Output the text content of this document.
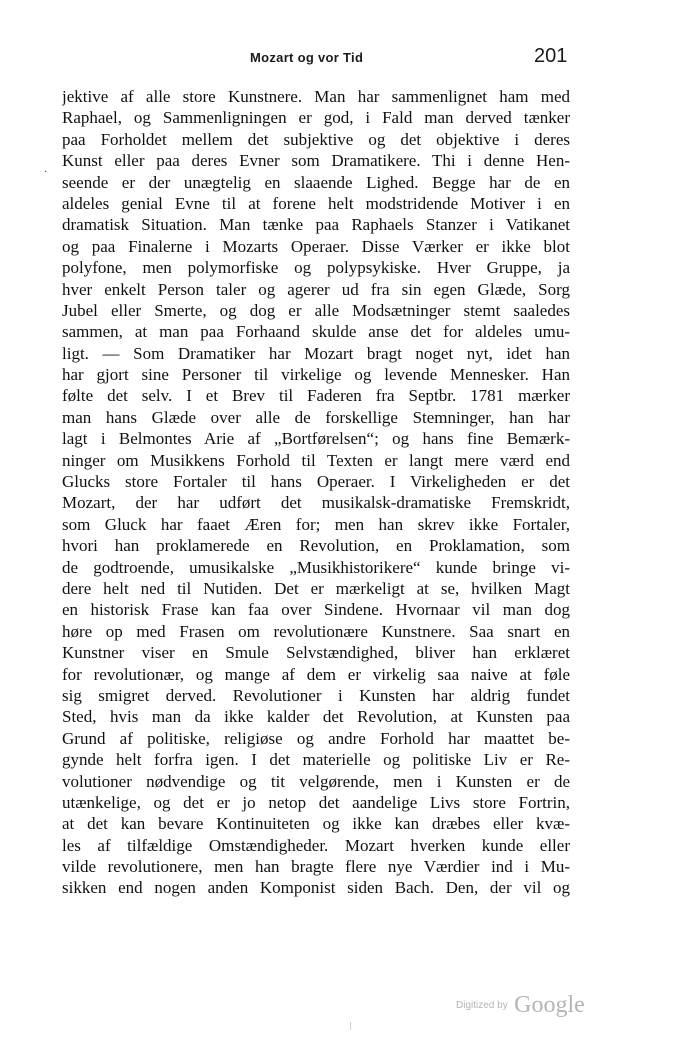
Mozart og vor Tid	201
·
jektive af alle store Kunstnere. Man har sammenlignet ham med
Raphael, og Sammenligningen er god, i Fald man derved tænker
paa Forholdet mellem det subjektive og det objektive i deres
Kunst eller paa deres Evner som Dramatikere. Thi i denne Hen-
seende er der unægtelig en slaaende Lighed. Begge har de en
aldeles genial Evne til at forene helt modstridende Motiver i en
dramatisk Situation. Man tænke paa Raphaels Stanzer i Vatikanet
og paa Finalerne i Mozarts Operaer. Disse Værker er ikke blot
polyfone, men polymorfiske og polypsykiske. Hver Gruppe, ja
hver enkelt Person taler og agerer ud fra sin egen Glæde, Sorg
Jubel eller Smerte, og dog er alle Modsætninger stemt saaledes
sammen, at man paa Forhaand skulde anse det for aldeles umu-
ligt. — Som Dramatiker har Mozart bragt noget nyt, idet han
har gjort sine Personer til virkelige og levende Mennesker. Han
følte det selv. I et Brev til Faderen fra Septbr. 1781 mærker
man hans Glæde over alle de forskellige Stemninger, han har
lagt i Belmontes Arie af „Bortførelsen“; og hans fine Bemærk-
ninger om Musikkens Forhold til Texten er langt mere værd end
Glucks store Fortaler til hans Operaer. I Virkeligheden er det
Mozart, der har udført det musikalsk-dramatiske Fremskridt,
som Gluck har faaet Æren for; men han skrev ikke Fortaler,
hvori han proklamerede en Revolution, en Proklamation, som
de godtroende, umusikalske „Musikhistorikere“ kunde bringe vi-
dere helt ned til Nutiden. Det er mærkeligt at se, hvilken Magt
en historisk Frase kan faa over Sindene. Hvornaar vil man dog
høre op med Frasen om revolutionære Kunstnere. Saa snart en
Kunstner viser en Smule Selvstændighed, bliver han erklæret
for revolutionær, og mange af dem er virkelig saa naive at føle
sig smigret derved. Revolutioner i Kunsten har aldrig fundet
Sted, hvis man da ikke kalder det Revolution, at Kunsten paa
Grund af politiske, religiøse og andre Forhold har maattet be-
gynde helt forfra igen. I det materielle og politiske Liv er Re-
volutioner nødvendige og tit velgørende, men i Kunsten er de
utænkelige, og det er jo netop det aandelige Livs store Fortrin,
at det kan bevare Kontinuiteten og ikke kan dræbes eller kvæ-
les af tilfældige Omstændigheder. Mozart hverken kunde eller
vilde revolutionere, men han bragte flere nye Værdier ind i Mu-
sikken end nogen anden Komponist siden Bach. Den, der vil og
Digitized by Google
